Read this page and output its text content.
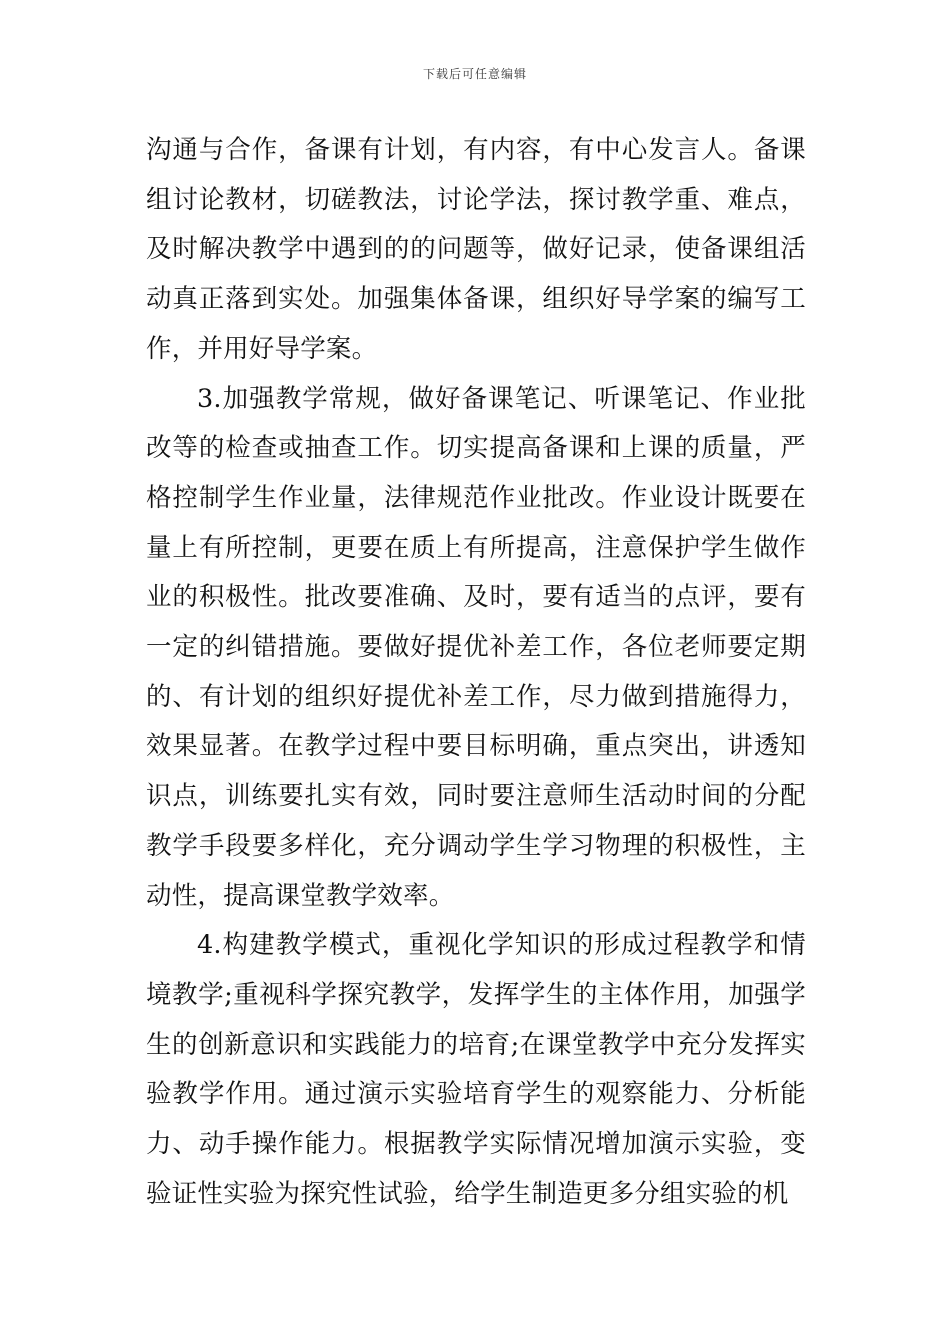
下载后可任意编辑

沟通与合作，备课有计划，有内容，有中心发言人。备课组讨论教材，切磋教法，讨论学法，探讨教学重、难点，及时解决教学中遇到的的问题等，做好记录，使备课组活动真正落到实处。加强集体备课，组织好导学案的编写工作，并用好导学案。

3.加强教学常规，做好备课笔记、听课笔记、作业批改等的检查或抽查工作。切实提高备课和上课的质量，严格控制学生作业量，法律规范作业批改。作业设计既要在量上有所控制，更要在质上有所提高，注意保护学生做作业的积极性。批改要准确、及时，要有适当的点评，要有一定的纠错措施。要做好提优补差工作，各位老师要定期的、有计划的组织好提优补差工作，尽力做到措施得力，效果显著。在教学过程中要目标明确，重点突出，讲透知识点，训练要扎实有效，同时要注意师生活动时间的分配教学手段要多样化，充分调动学生学习物理的积极性，主动性，提高课堂教学效率。

4.构建教学模式，重视化学知识的形成过程教学和情境教学;重视科学探究教学，发挥学生的主体作用，加强学生的创新意识和实践能力的培育;在课堂教学中充分发挥实验教学作用。通过演示实验培育学生的观察能力、分析能力、动手操作能力。根据教学实际情况增加演示实验，变验证性实验为探究性试验，给学生制造更多分组实验的机
